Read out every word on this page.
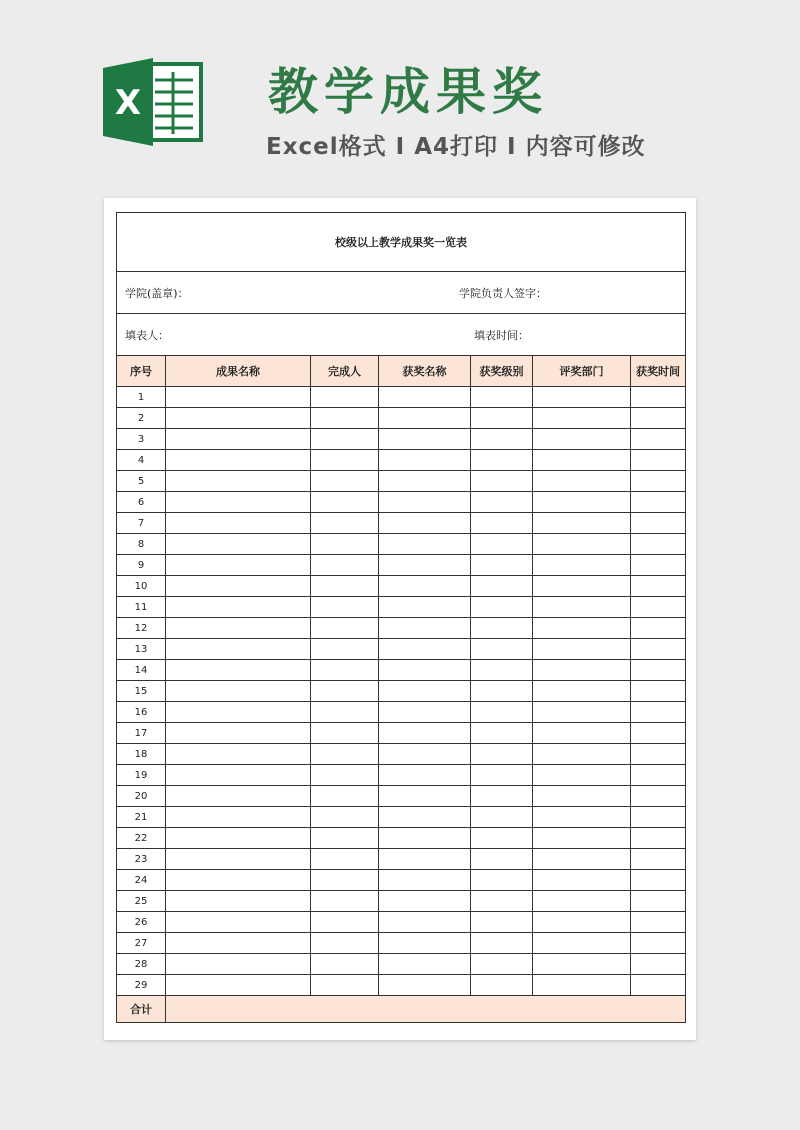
X	教学成果奖
Excel格式 I A4打印 I 内容可修改
校级以上教学成果奖一览表						

学院(盖章)： 学院负责人签字：						

填表人： 填表时间：						

序号	成果名称	完成人	获奖名称	获奖级别	评奖部门	获奖时间
1						
2						
3						
4						
5						
6						
7						
8						
9						
10						
11						
12						
13						
14						
15						
16						
17						
18						
19						
20						
21						
22						
23						
24						
25						
26						
27						
28						
29						
合计						
